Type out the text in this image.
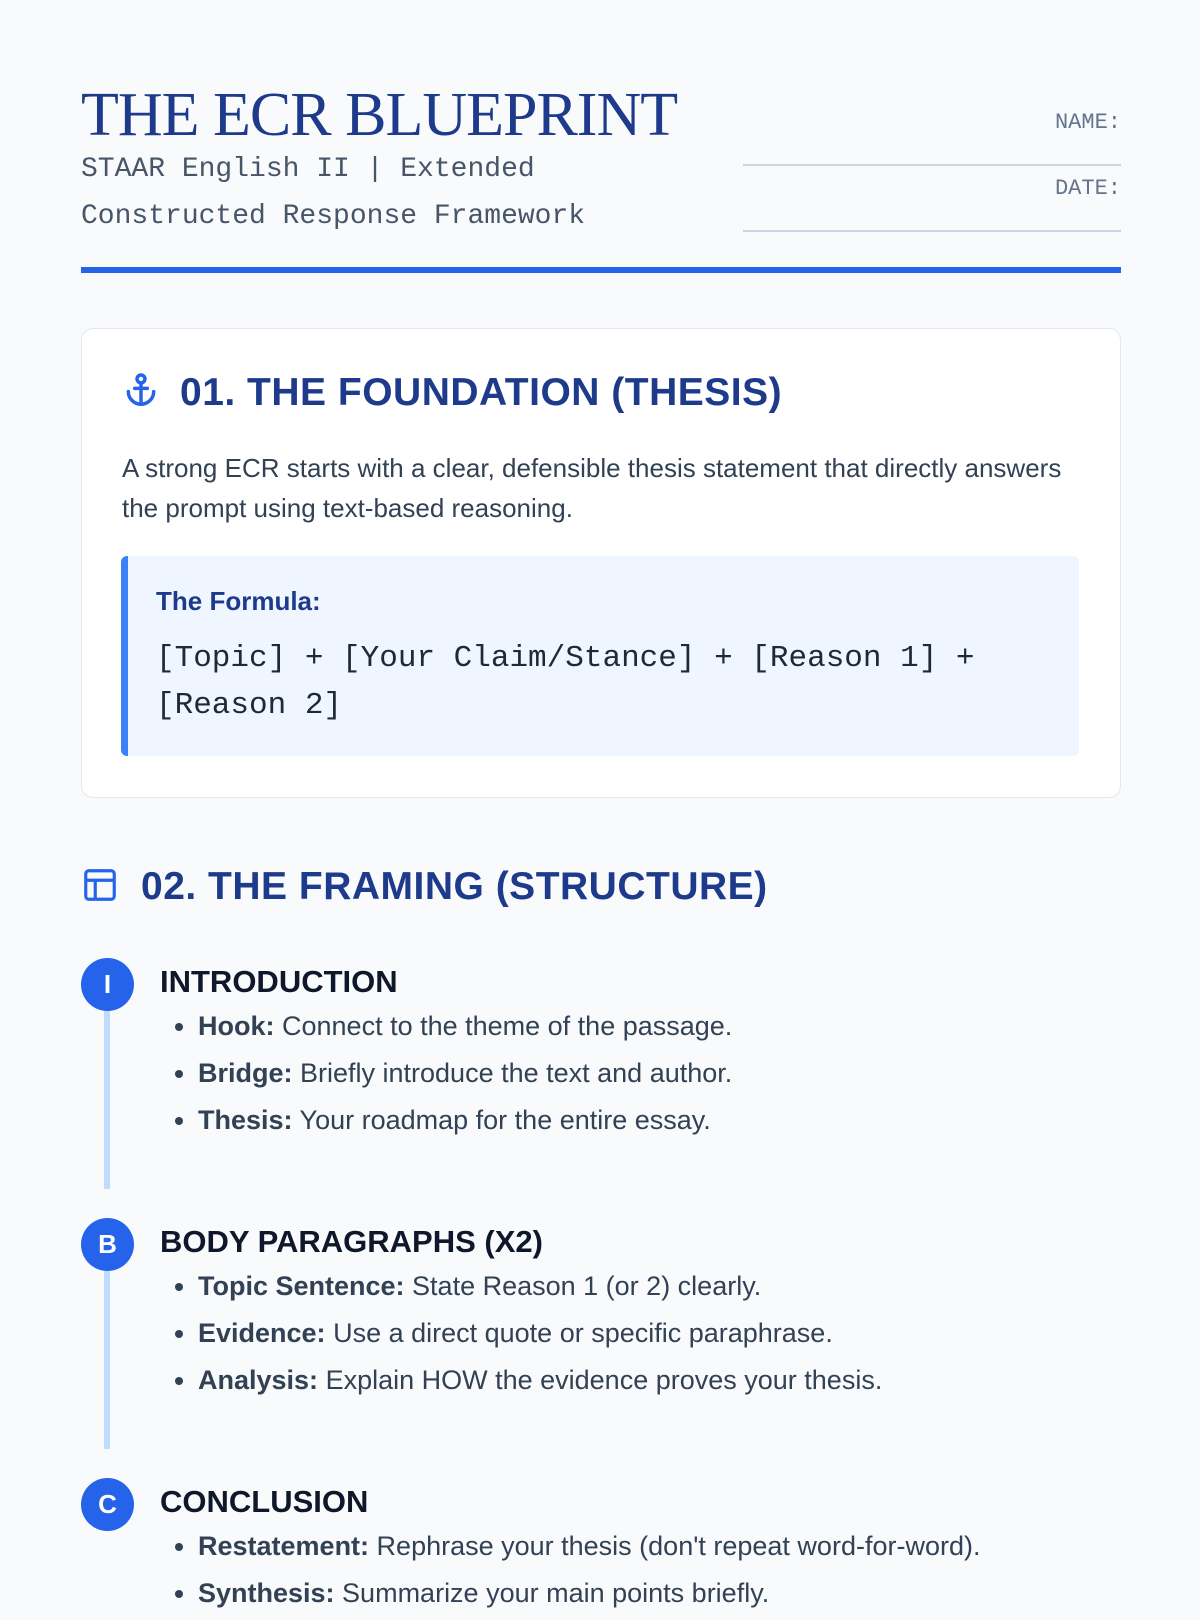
THE ECR BLUEPRINT

STAAR English II | Extended Constructed Response Framework

NAME:
DATE:
01. THE FOUNDATION (THESIS)

A strong ECR starts with a clear, defensible thesis statement that directly answers the prompt using text-based reasoning.

The Formula:

[Topic] + [Your Claim/Stance] + [Reason 1] + [Reason 2]

02. THE FRAMING (STRUCTURE)
I	INTRODUCTION
• Hook: Connect to the theme of the passage.
• Bridge: Briefly introduce the text and author.
• Thesis: Your roadmap for the entire essay.
B	BODY PARAGRAPHS (X2)
• Topic Sentence: State Reason 1 (or 2) clearly.
• Evidence: Use a direct quote or specific paraphrase.
• Analysis: Explain HOW the evidence proves your thesis.
C	CONCLUSION
• Restatement: Rephrase your thesis (don't repeat word-for-word).
• Synthesis: Summarize your main points briefly.
